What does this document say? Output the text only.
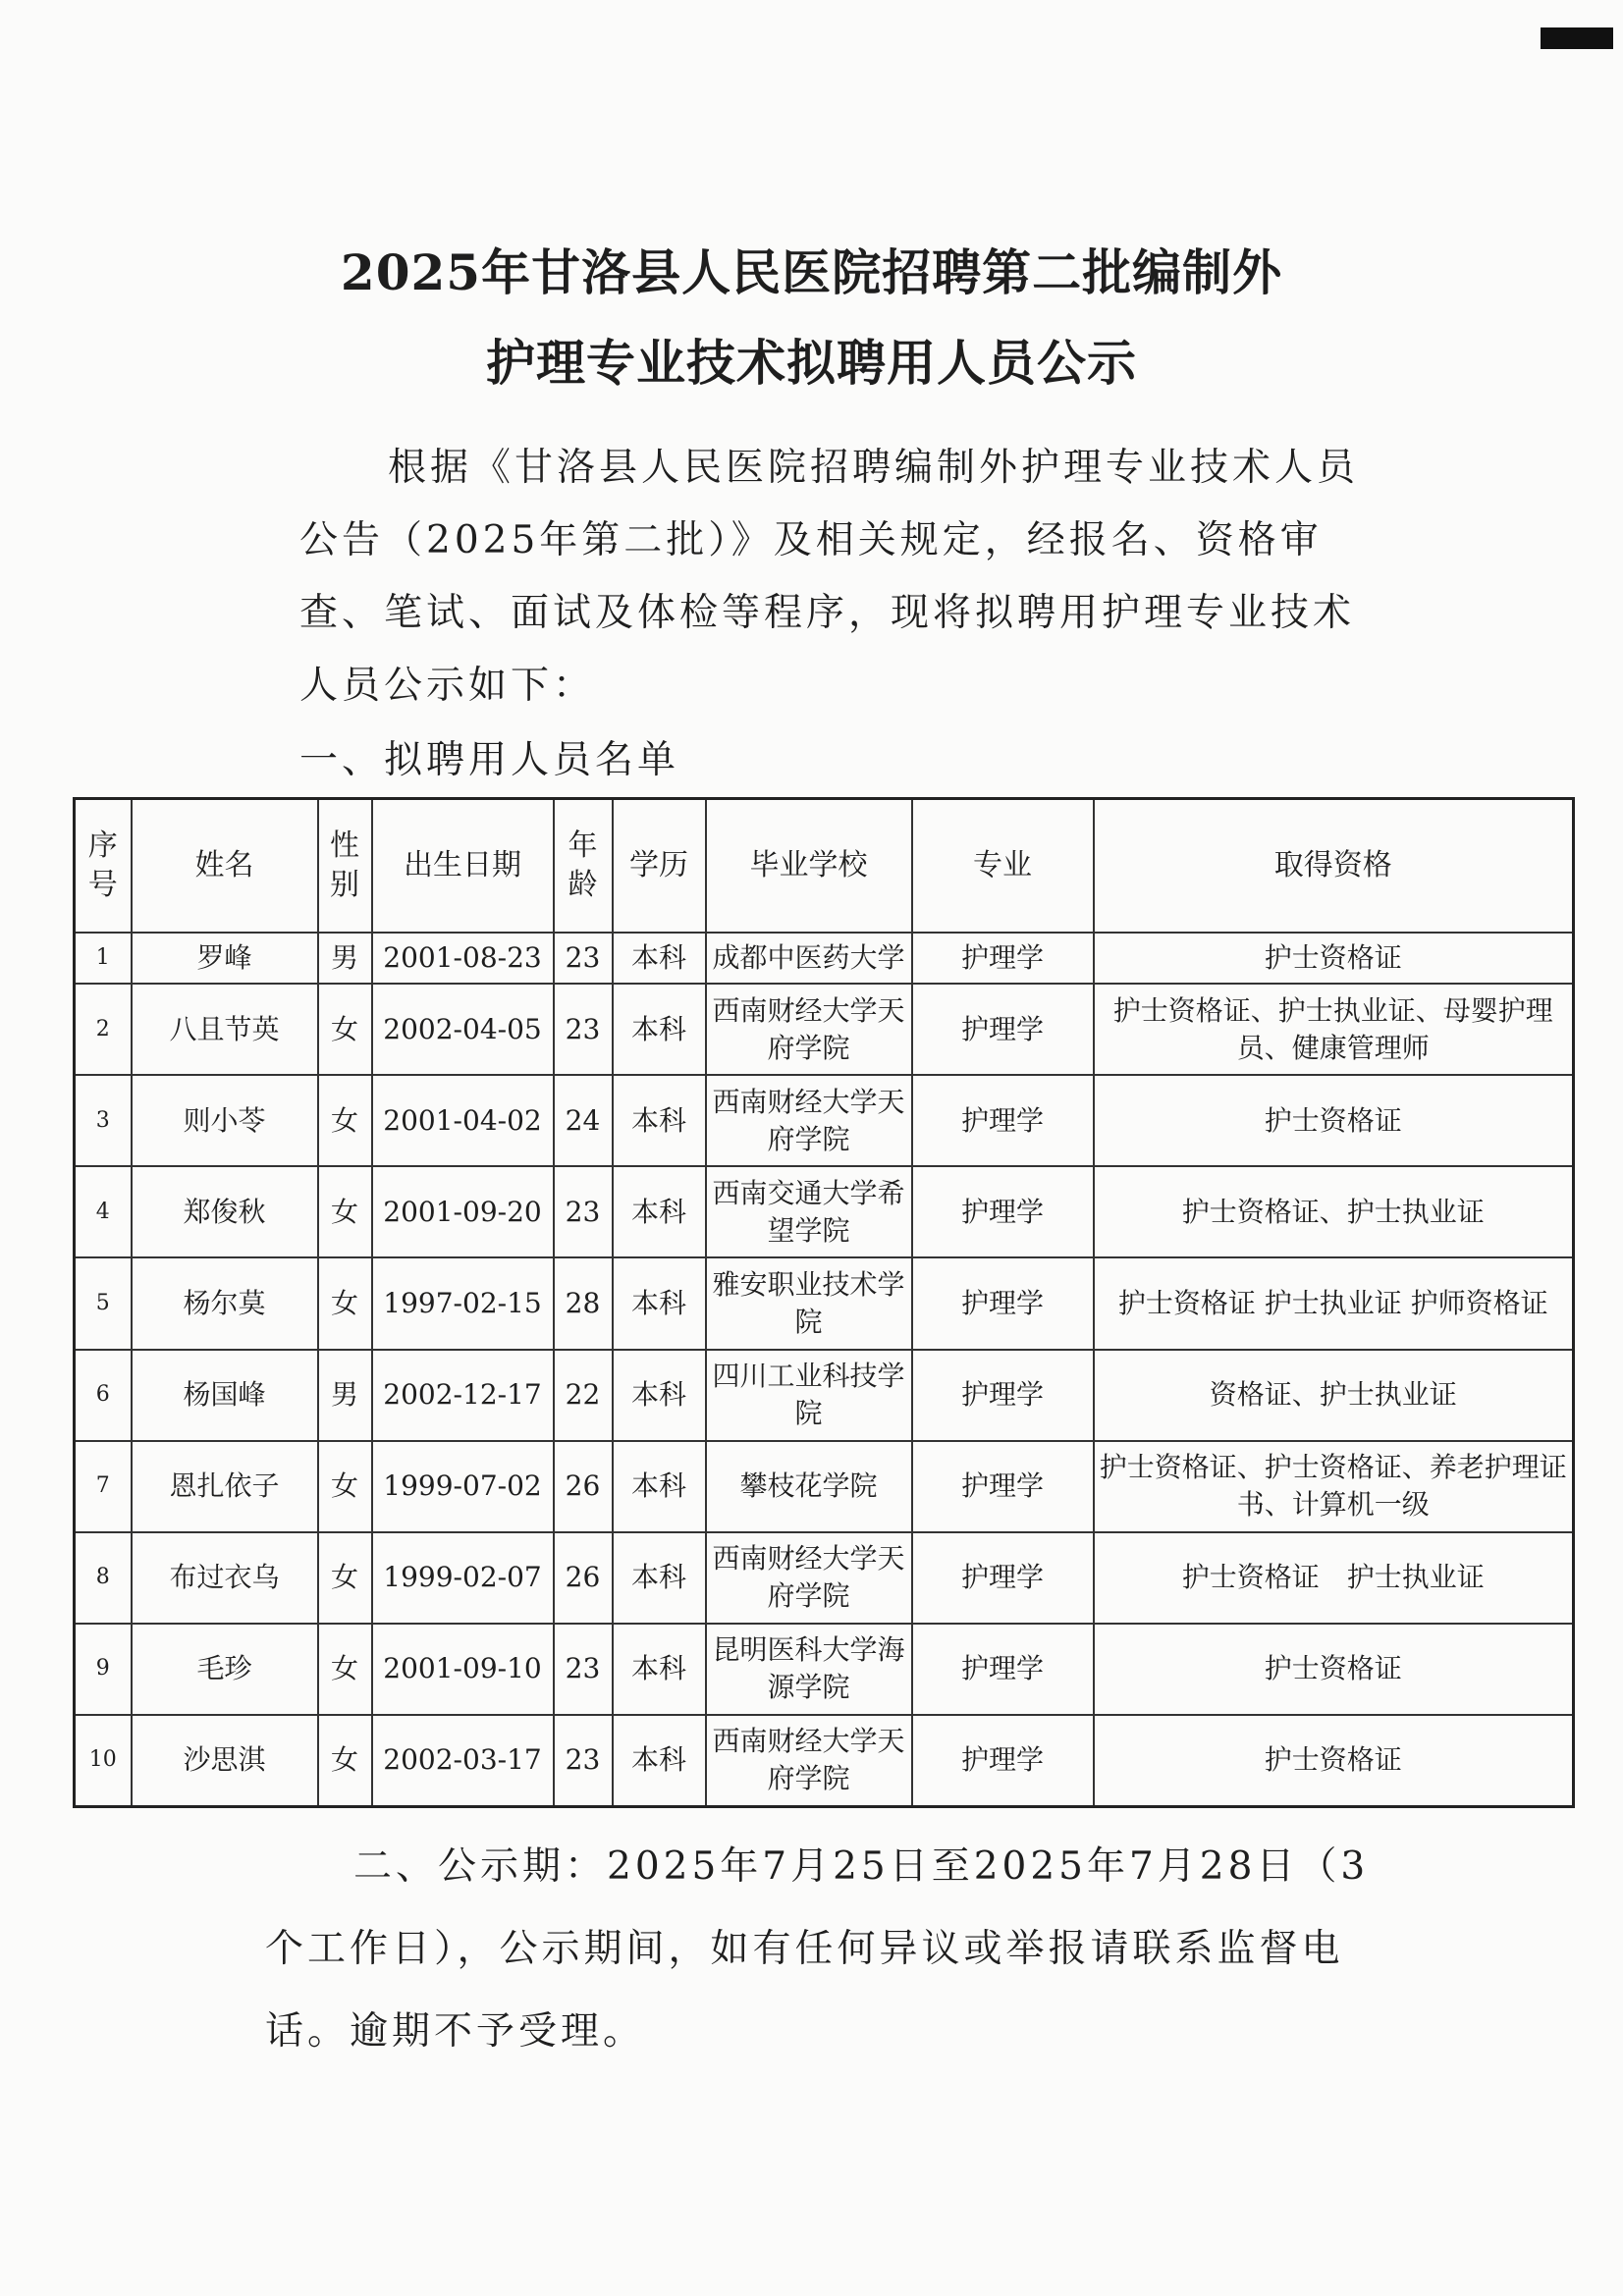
2025年甘洛县人民医院招聘第二批编制外
护理专业技术拟聘用人员公示

根据《甘洛县人民医院招聘编制外护理专业技术人员公告（2025年第二批）》及相关规定，经报名、资格审查、笔试、面试及体检等程序，现将拟聘用护理专业技术人员公示如下：

一、拟聘用人员名单
序号	姓名	性别	出生日期	年龄	学历	毕业学校	专业	取得资格
1	罗峰	男	2001-08-23	23	本科	成都中医药大学	护理学	护士资格证
2	八且节英	女	2002-04-05	23	本科	西南财经大学天府学院	护理学	护士资格证、护士执业证、母婴护理员、健康管理师
3	则小苓	女	2001-04-02	24	本科	西南财经大学天府学院	护理学	护士资格证
4	郑俊秋	女	2001-09-20	23	本科	西南交通大学希望学院	护理学	护士资格证、护士执业证
5	杨尔莫	女	1997-02-15	28	本科	雅安职业技术学院	护理学	护士资格证 护士执业证 护师资格证
6	杨国峰	男	2002-12-17	22	本科	四川工业科技学院	护理学	资格证、护士执业证
7	恩扎依子	女	1999-07-02	26	本科	攀枝花学院	护理学	护士资格证、护士资格证、养老护理证书、计算机一级
8	布过衣乌	女	1999-02-07	26	本科	西南财经大学天府学院	护理学	护士资格证　护士执业证
9	毛珍	女	2001-09-10	23	本科	昆明医科大学海源学院	护理学	护士资格证
10	沙思淇	女	2002-03-17	23	本科	西南财经大学天府学院	护理学	护士资格证

二、公示期：2025年7月25日至2025年7月28日（3个工作日），公示期间，如有任何异议或举报请联系监督电话。逾期不予受理。
